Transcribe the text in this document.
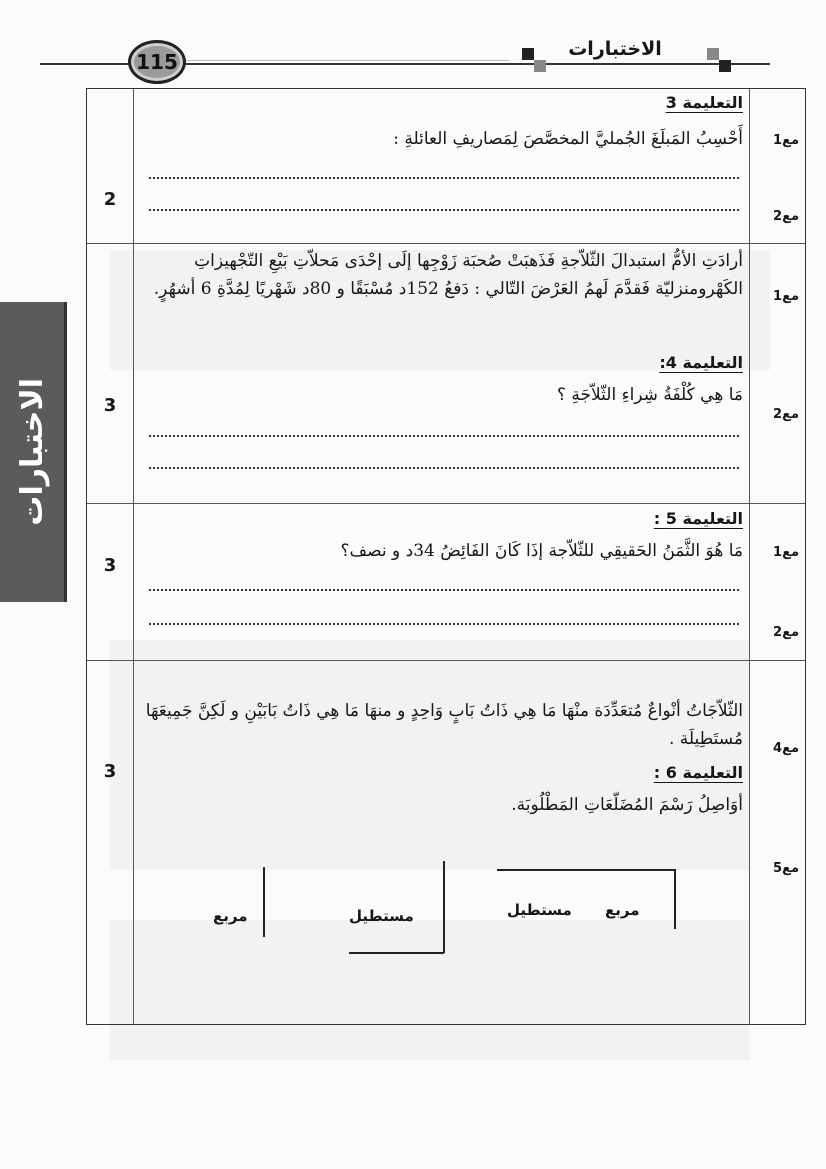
115
الاختبارات
الاختبارات
2
مع1
مع2
التعليمة 3
أَحْسِبُ المَبلَغَ الجُمليَّ المخصَّصَ لِمَصاريفِ العائلةِ :
3
مع1
مع2
أرادَتِ الأمُّ استبدالَ الثّلاّجةِ فَذَهبَتْ صُحبَة زَوْجِها إلَى إحْدَى مَحلاّتِ بَيْعِ التّجْهيزاتِ الكَهْرومنزليّة فَقدَّمَ لَهمُ العَرْضَ التّالي : دَفعُ 152د مُسْبَقًا و 80د شَهْريًا لِمُدَّةِ 6 أشهُرٍ.
التعليمة 4:
مَا هِي كُلْفَةُ شِراءِ الثّلاّجَةِ ؟
3
مع1
مع2
التعليمة 5 :
مَا هُوَ الثَّمَنُ الحَقيقِي للثّلاّجة إذَا كَانَ الفَائِضُ 34د و نصف؟
3
مع4
مع5
الثّلاّجَاتُ أنْواعٌ مُتعَدِّدَة منْهَا مَا هِي ذَاتُ بَابٍ وَاحِدٍ و منهَا مَا هِي ذَاتُ بَابَيْنِ و لَكِنَّ جَمِيعَهَا مُستَطِيلَة .
التعليمة 6 :
أوَاصِلُ رَسْمَ المُضَلّعَاتِ المَطْلُوبَة.
مربع
مستطيل
مستطيل
مربع
